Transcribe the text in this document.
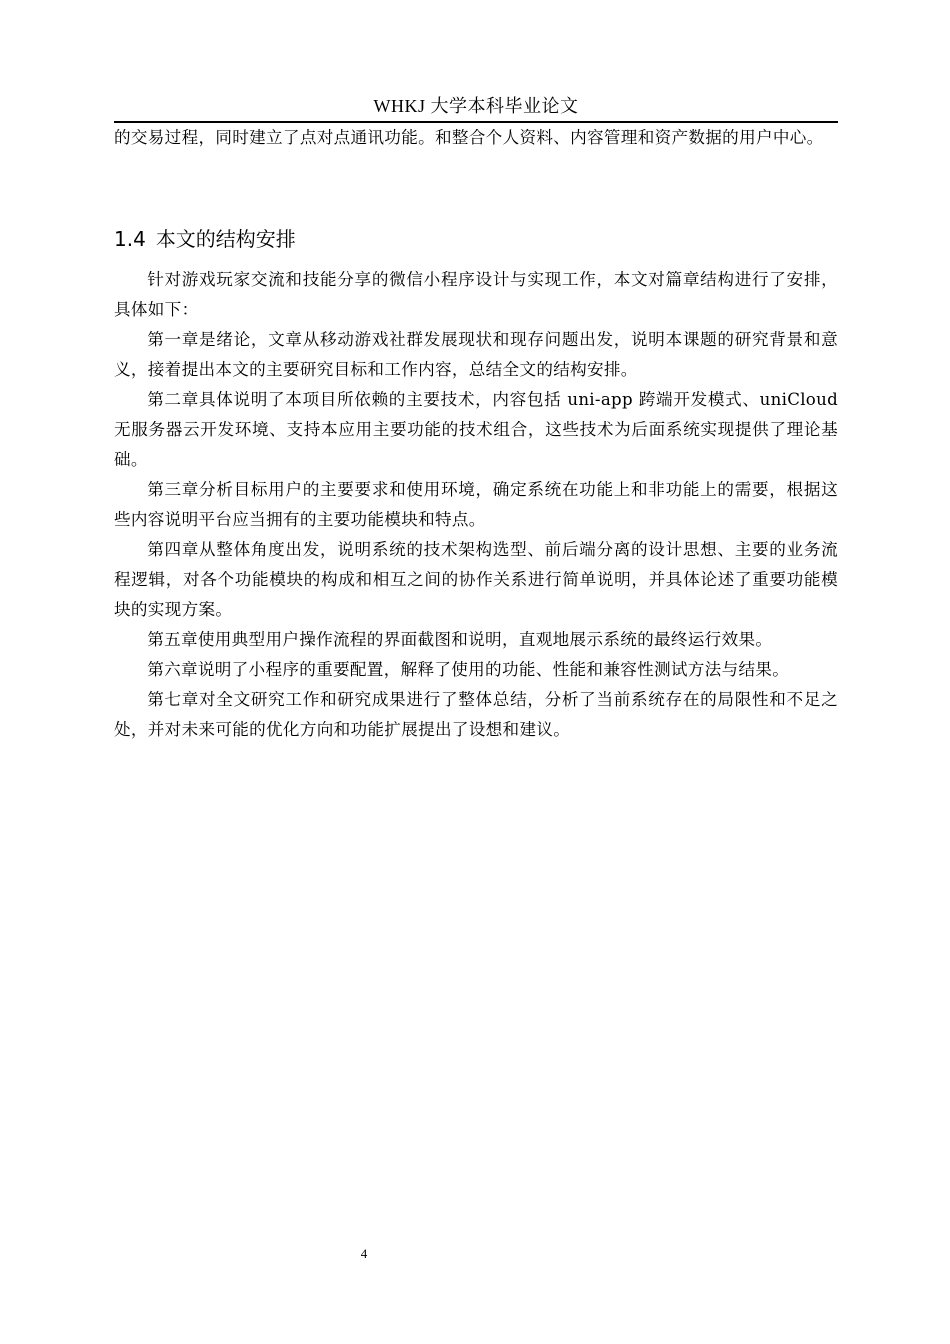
WHKJ 大学本科毕业论文

的交易过程，同时建立了点对点通讯功能。和整合个人资料、内容管理和资产数据的用户中心。

1.4 本文的结构安排

针对游戏玩家交流和技能分享的微信小程序设计与实现工作，本文对篇章结构进行了安排，具体如下：

第一章是绪论，文章从移动游戏社群发展现状和现存问题出发，说明本课题的研究背景和意义，接着提出本文的主要研究目标和工作内容，总结全文的结构安排。

第二章具体说明了本项目所依赖的主要技术，内容包括 uni-app 跨端开发模式、uniCloud 无服务器云开发环境、支持本应用主要功能的技术组合，这些技术为后面系统实现提供了理论基础。

第三章分析目标用户的主要要求和使用环境，确定系统在功能上和非功能上的需要，根据这些内容说明平台应当拥有的主要功能模块和特点。

第四章从整体角度出发，说明系统的技术架构选型、前后端分离的设计思想、主要的业务流程逻辑，对各个功能模块的构成和相互之间的协作关系进行简单说明，并具体论述了重要功能模块的实现方案。

第五章使用典型用户操作流程的界面截图和说明，直观地展示系统的最终运行效果。

第六章说明了小程序的重要配置，解释了使用的功能、性能和兼容性测试方法与结果。

第七章对全文研究工作和研究成果进行了整体总结，分析了当前系统存在的局限性和不足之处，并对未来可能的优化方向和功能扩展提出了设想和建议。

4
